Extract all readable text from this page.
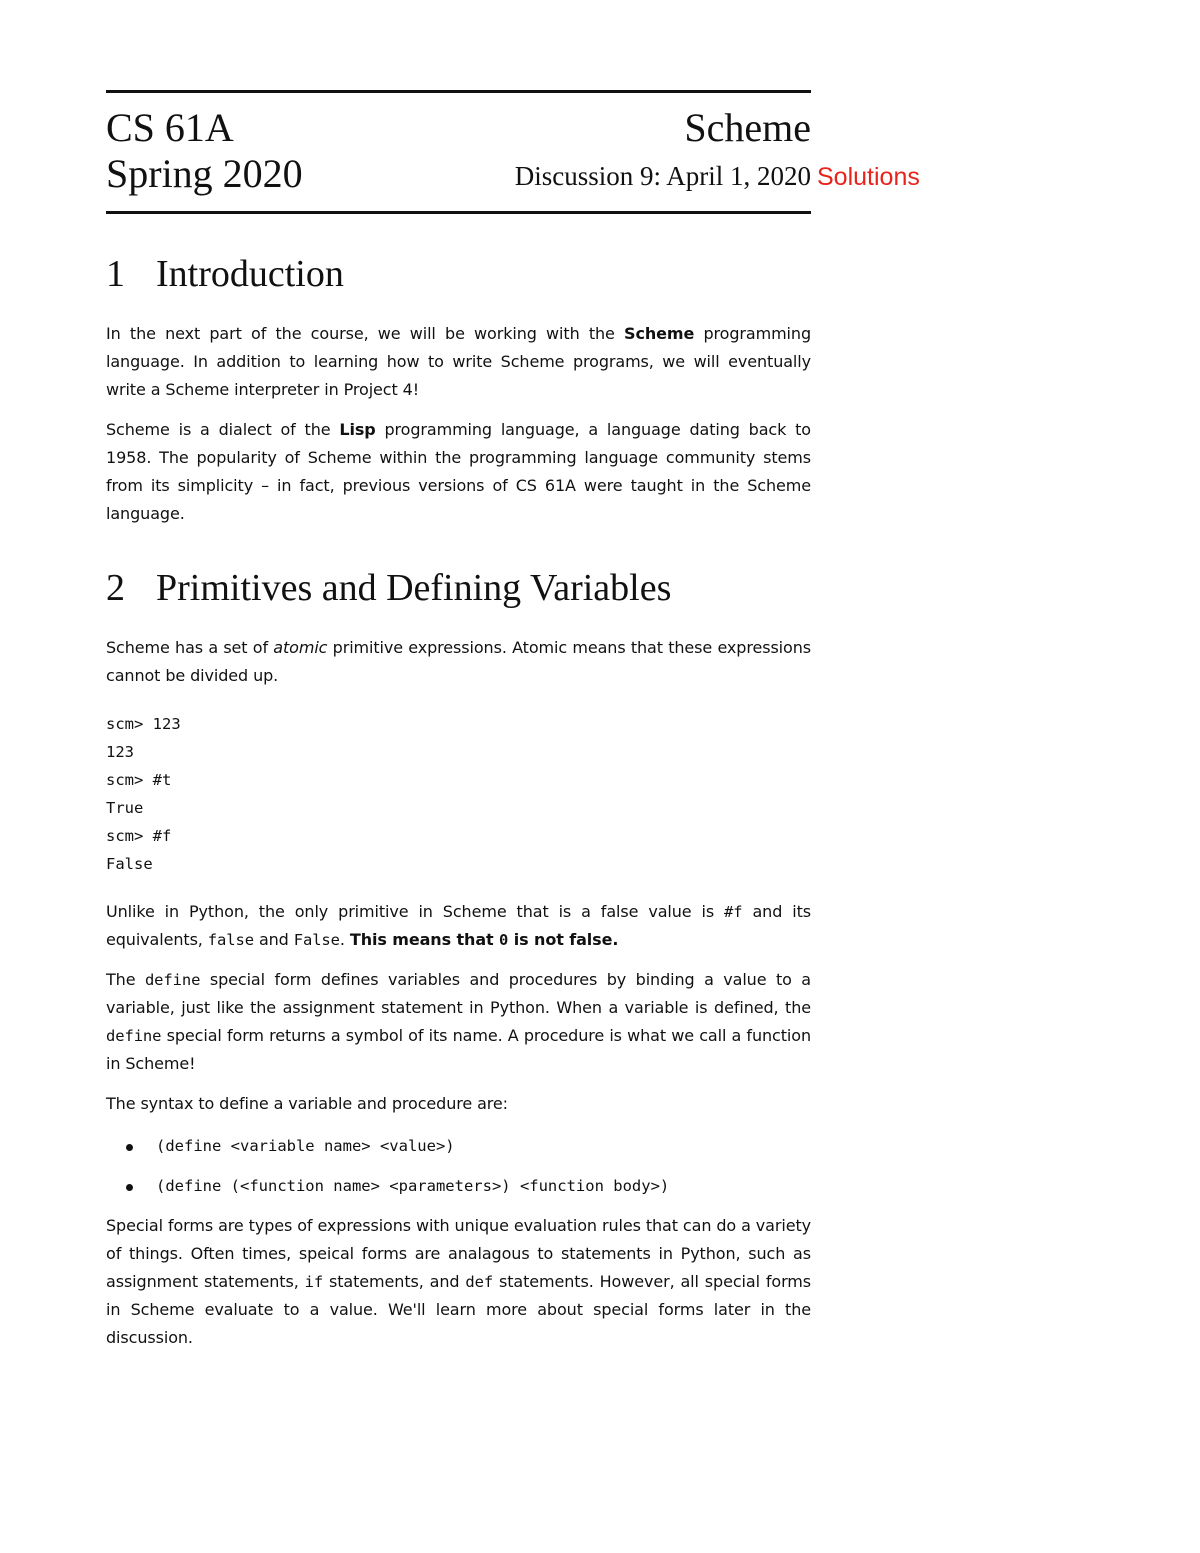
CS 61A
Spring 2020
Scheme
Discussion 9: April 1, 2020
1 Introduction

In the next part of the course, we will be working with the Scheme programming language. In addition to learning how to write Scheme programs, we will eventually write a Scheme interpreter in Project 4!

Scheme is a dialect of the Lisp programming language, a language dating back to 1958. The popularity of Scheme within the programming language community stems from its simplicity – in fact, previous versions of CS 61A were taught in the Scheme language.

2 Primitives and Defining Variables

Scheme has a set of atomic primitive expressions. Atomic means that these expressions cannot be divided up.

scm> 123
123
scm> #t
True
scm> #f
False

Unlike in Python, the only primitive in Scheme that is a false value is #f and its equivalents, false and False. This means that 0 is not false.

The define special form defines variables and procedures by binding a value to a variable, just like the assignment statement in Python. When a variable is defined, the define special form returns a symbol of its name. A procedure is what we call a function in Scheme!

The syntax to define a variable and procedure are:

(define <variable name> <value>)
(define (<function name> <parameters>) <function body>)

Special forms are types of expressions with unique evaluation rules that can do a variety of things. Often times, speical forms are analagous to statements in Python, such as assignment statements, if statements, and def statements. However, all special forms in Scheme evaluate to a value. We'll learn more about special forms later in the discussion.

Solutions
